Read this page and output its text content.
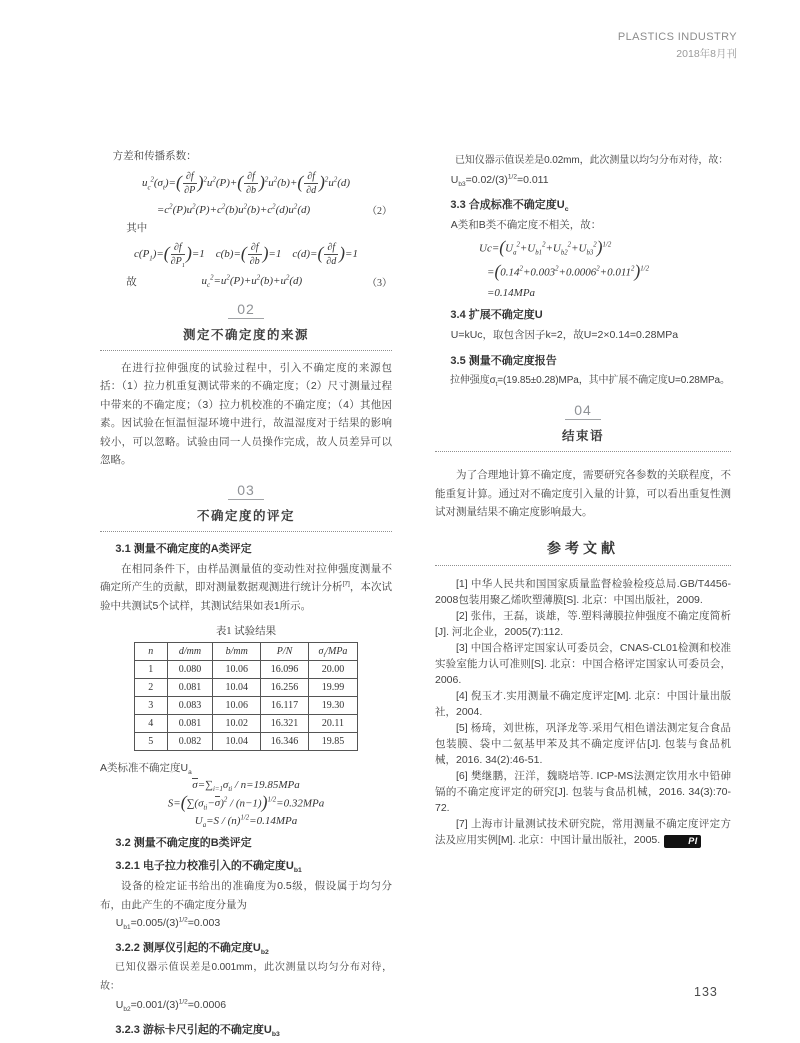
PLASTICS INDUSTRY
2018年8月刊

方差和传播系数：

$u_c^2(\sigma_t)=( \frac{\partial f}{\partial P} )^2u^2(P)+( \frac{\partial f}{\partial b} )^2u^2(b)+( \frac{\partial f}{\partial d} )^2u^2(d)$
$=c^2(P)u^2(P)+c^2(b)u^2(b)+c^2(d)u^2(d)$	（2）

其中

$c(P_1)=( \frac{\partial f}{\partial P_1} )=1$　$c(b)=( \frac{\partial f}{\partial b} )=1$　$c(d)=( \frac{\partial f}{\partial d} )=1$
故	$u_c^2=u^2(P)+u^2(b)+u^2(d)$	（3）
02
测定不确定度的来源

在进行拉伸强度的试验过程中，引入不确定度的来源包括：（1）拉力机重复测试带来的不确定度；（2）尺寸测量过程中带来的不确定度；（3）拉力机校准的不确定度；（4）其他因素。因试验在恒温恒湿环境中进行，故温湿度对于结果的影响较小，可以忽略。试验由同一人员操作完成，故人员差异可以忽略。

03
不确定度的评定

3.1 测量不确定度的A类评定

在相同条件下，由样品测量值的变动性对拉伸强度测量不确定所产生的贡献，即对测量数据观测进行统计分析[7]，本次试验中共测试5个试样，其测试结果如表1所示。

表1 试验结果
n	d/mm	b/mm	P/N	$\sigma_t$/MPa
1	0.080	10.06	16.096	20.00
2	0.081	10.04	16.256	19.99
3	0.083	10.06	16.117	19.30
4	0.081	10.02	16.321	20.11
5	0.082	10.04	16.346	19.85

A类标准不确定度$U_a$

$\sigma=\sum_{i=1}\sigma_{ti} / n=19.85MPa$
$S=(\sum(\sigma_{ti}-\sigma)^2 / (n-1))^{1/2}=0.32MPa$
$U_a=S / (n)^{1/2}=0.14MPa$

3.2 测量不确定度的B类评定

3.2.1 电子拉力校准引入的不确定度$U_{b1}$

设备的检定证书给出的准确度为0.5级，假设属于均匀分布，由此产生的不确定度分量为

$U_{b1}=0.005/(3)^{1/2}=0.003$

3.2.2 测厚仪引起的不确定度$U_{b2}$

已知仪器示值误差是0.001mm，此次测量以均匀分布对待，故：

$U_{b2}=0.001/(3)^{1/2}=0.0006$

3.2.3 游标卡尺引起的不确定度$U_{b3}$

已知仪器示值误差是0.02mm，此次测量以均匀分布对待，故：

$U_{b3}=0.02/(3)^{1/2}=0.011$

3.3 合成标准不确定度$U_c$

A类和B类不确定度不相关，故：

$Uc=(U_a^2+U_{b1}^2+U_{b2}^2+U_{b3}^2)^{1/2}$
$=(0.14^2+0.003^2+0.0006^2+0.011^2)^{1/2}$
=0.14MPa

3.4 扩展不确定度U

U=kUc，取包含因子k=2，故U=2×0.14=0.28MPa

3.5 测量不确定度报告

拉伸强度$\sigma_t=(19.85\pm 0.28)MPa$，其中扩展不确定度U=0.28MPa。

04
结束语

为了合理地计算不确定度，需要研究各参数的关联程度，不能重复计算。通过对不确定度引入量的计算，可以看出重复性测试对测量结果不确定度影响最大。

参考文献

[1] 中华人民共和国国家质量监督检验检疫总局.GB/T4456-2008包装用聚乙烯吹塑薄膜[S]. 北京：中国出版社，2009.

[2] 张伟，王磊，谈雄，等.塑料薄膜拉伸强度不确定度简析[J]. 河北企业，2005(7):112.

[3] 中国合格评定国家认可委员会，CNAS-CL01检测和校准实验室能力认可准则[S]. 北京：中国合格评定国家认可委员会，2006.

[4] 倪玉才.实用测量不确定度评定[M]. 北京：中国计量出版社，2004.

[5] 杨琦，刘世栋，巩泽龙等.采用气相色谱法测定复合食品包装膜、袋中二氨基甲苯及其不确定度评估[J]. 包装与食品机械，2016. 34(2):46-51.

[6] 樊继鹏，汪洋，魏晓培等. ICP-MS法测定饮用水中铅砷镉的不确定度评定的研究[J]. 包装与食品机械，2016. 34(3):70-72.

[7] 上海市计量测试技术研究院，常用测量不确定度评定方法及应用实例[M]. 北京：中国计量出版社，2005.	PI

133
